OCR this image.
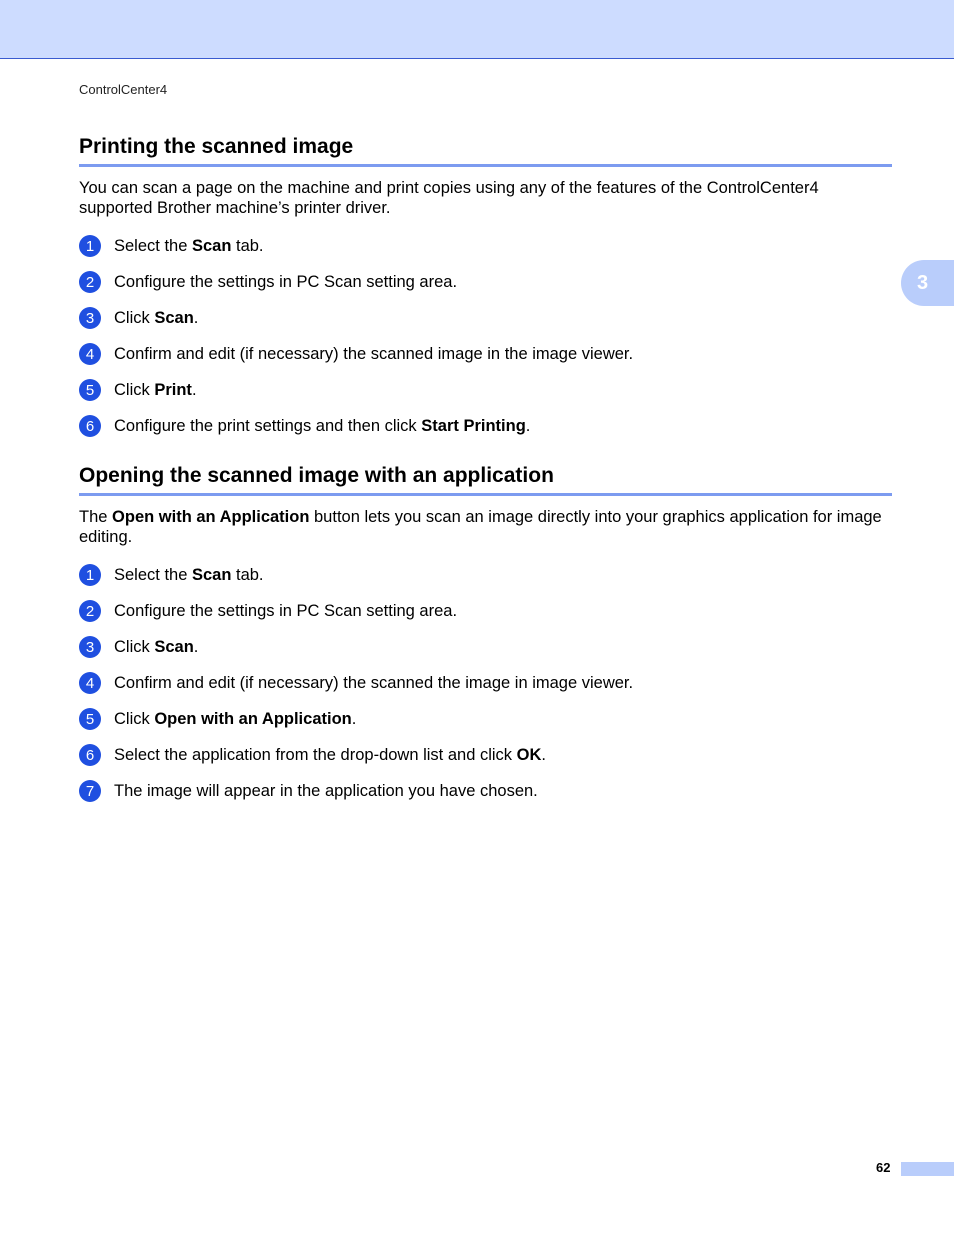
ControlCenter4
3
Printing the scanned image

You can scan a page on the machine and print copies using any of the features of the ControlCenter4 supported Brother machine’s printer driver.

1	Select the Scan tab.
2	Configure the settings in PC Scan setting area.
3	Click Scan.
4	Confirm and edit (if necessary) the scanned image in the image viewer.
5	Click Print.
6	Configure the print settings and then click Start Printing.
Opening the scanned image with an application

The Open with an Application button lets you scan an image directly into your graphics application for image editing.

1	Select the Scan tab.
2	Configure the settings in PC Scan setting area.
3	Click Scan.
4	Confirm and edit (if necessary) the scanned the image in image viewer.
5	Click Open with an Application.
6	Select the application from the drop-down list and click OK.
7	The image will appear in the application you have chosen.
62
